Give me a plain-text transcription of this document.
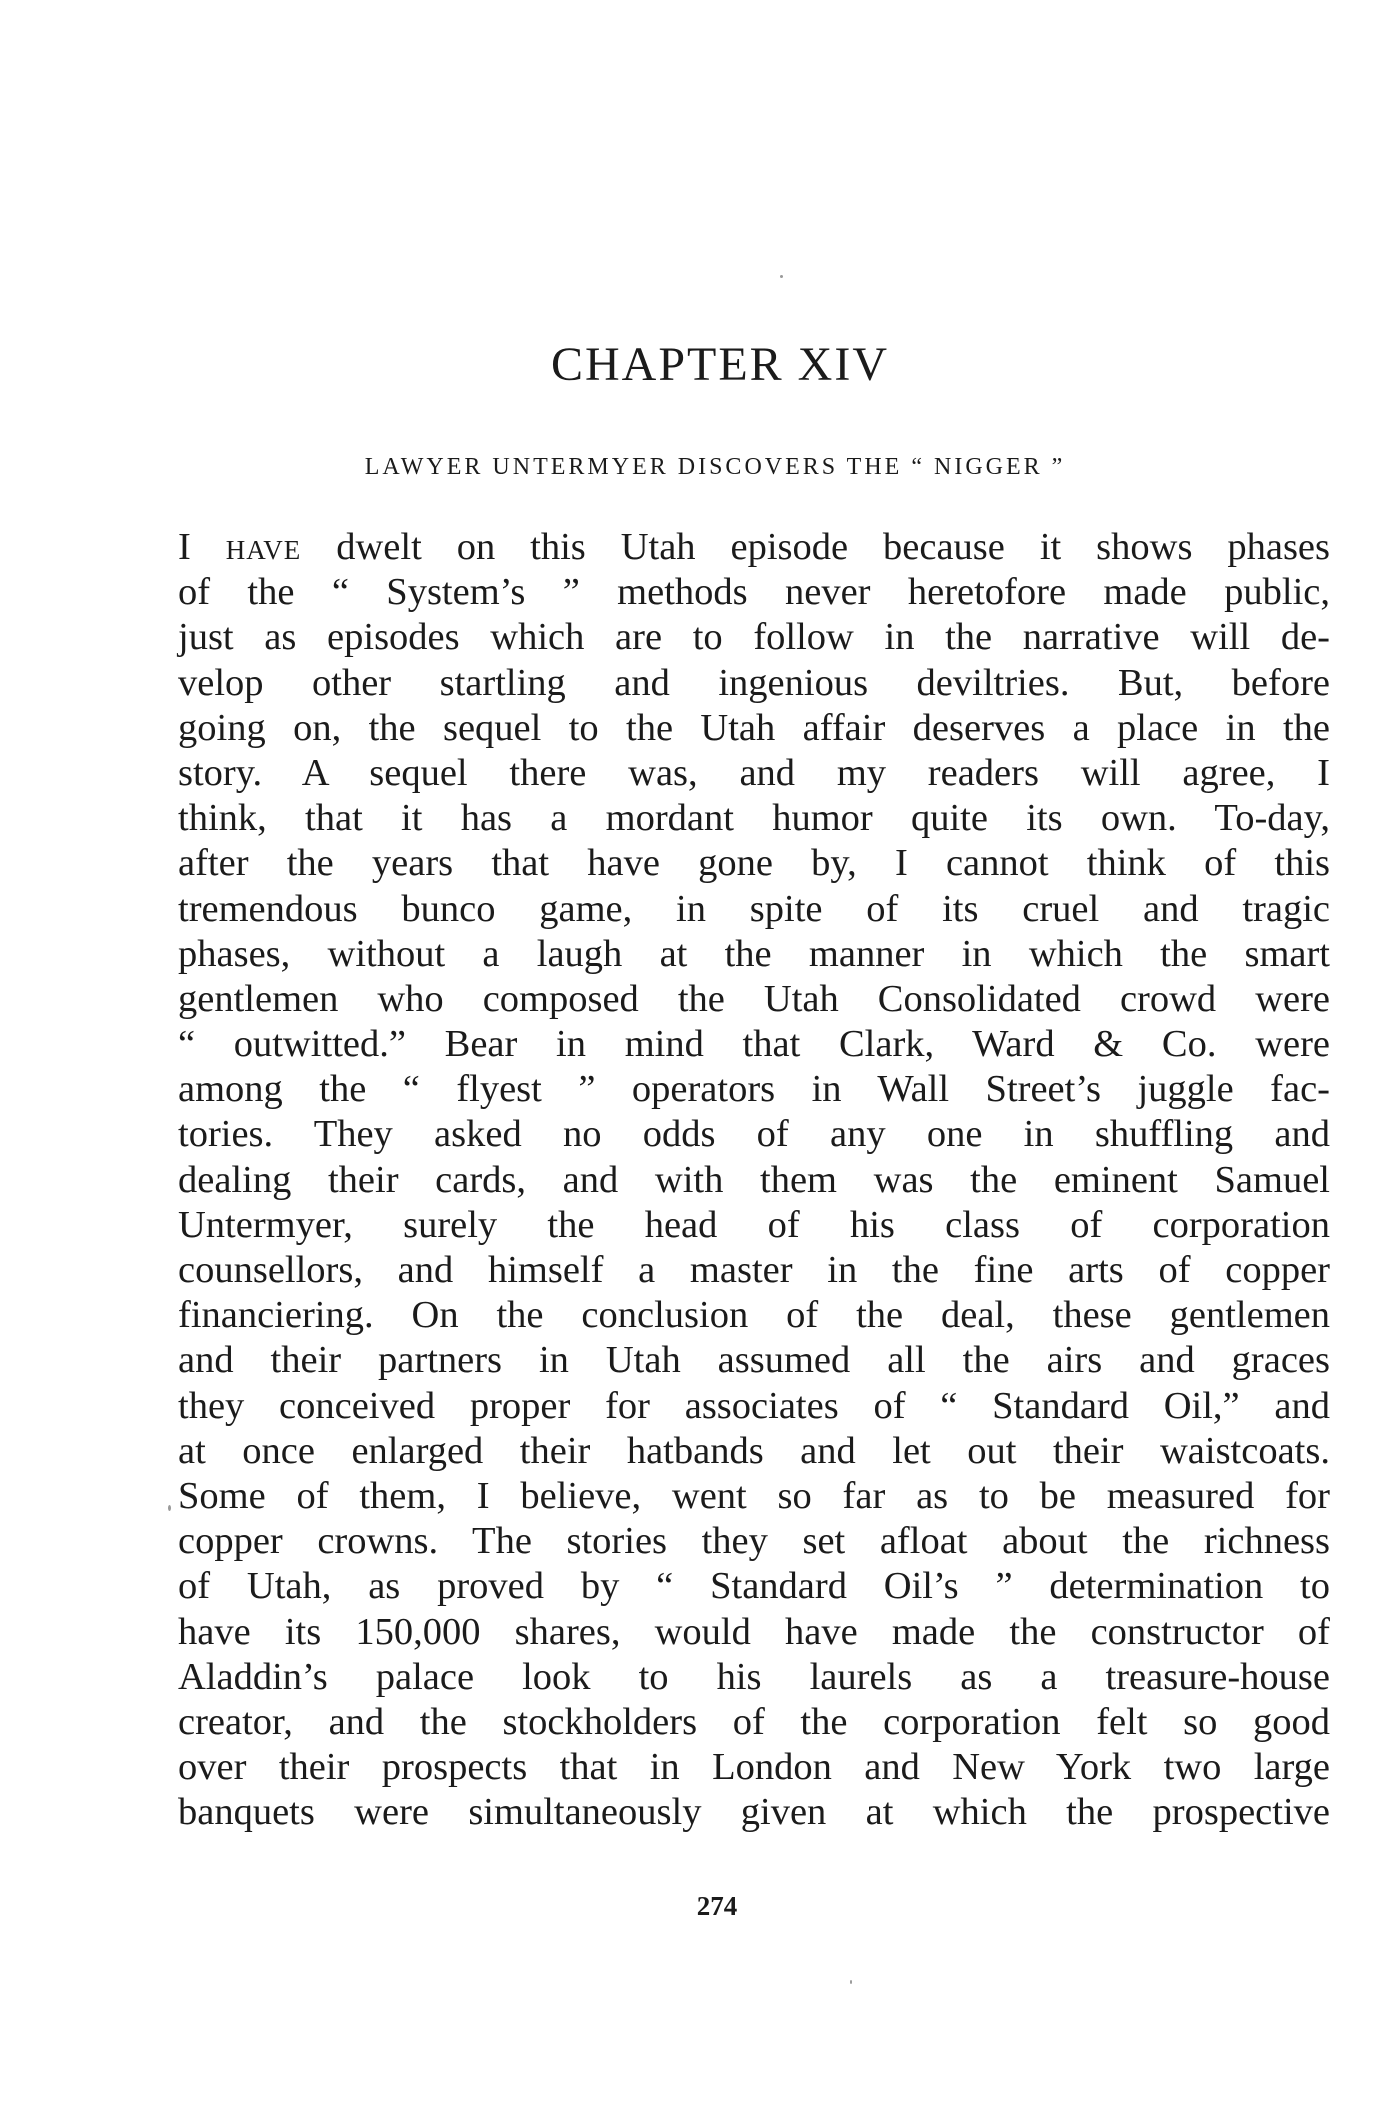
CHAPTER XIV
LAWYER UNTERMYER DISCOVERS THE “ NIGGER ”
I HAVE dwelt on this Utah episode because it shows phases
of the “ System’s ” methods never heretofore made public,
just as episodes which are to follow in the narrative will de-
velop other startling and ingenious deviltries. But, before
going on, the sequel to the Utah affair deserves a place in the
story. A sequel there was, and my readers will agree, I
think, that it has a mordant humor quite its own. To-day,
after the years that have gone by, I cannot think of this
tremendous bunco game, in spite of its cruel and tragic
phases, without a laugh at the manner in which the smart
gentlemen who composed the Utah Consolidated crowd were
“ outwitted.” Bear in mind that Clark, Ward & Co. were
among the “ flyest ” operators in Wall Street’s juggle fac-
tories. They asked no odds of any one in shuffling and
dealing their cards, and with them was the eminent Samuel
Untermyer, surely the head of his class of corporation
counsellors, and himself a master in the fine arts of copper
financiering. On the conclusion of the deal, these gentlemen
and their partners in Utah assumed all the airs and graces
they conceived proper for associates of “ Standard Oil,” and
at once enlarged their hatbands and let out their waistcoats.
Some of them, I believe, went so far as to be measured for
copper crowns. The stories they set afloat about the richness
of Utah, as proved by “ Standard Oil’s ” determination to
have its 150,000 shares, would have made the constructor of
Aladdin’s palace look to his laurels as a treasure-house
creator, and the stockholders of the corporation felt so good
over their prospects that in London and New York two large
banquets were simultaneously given at which the prospective
274
